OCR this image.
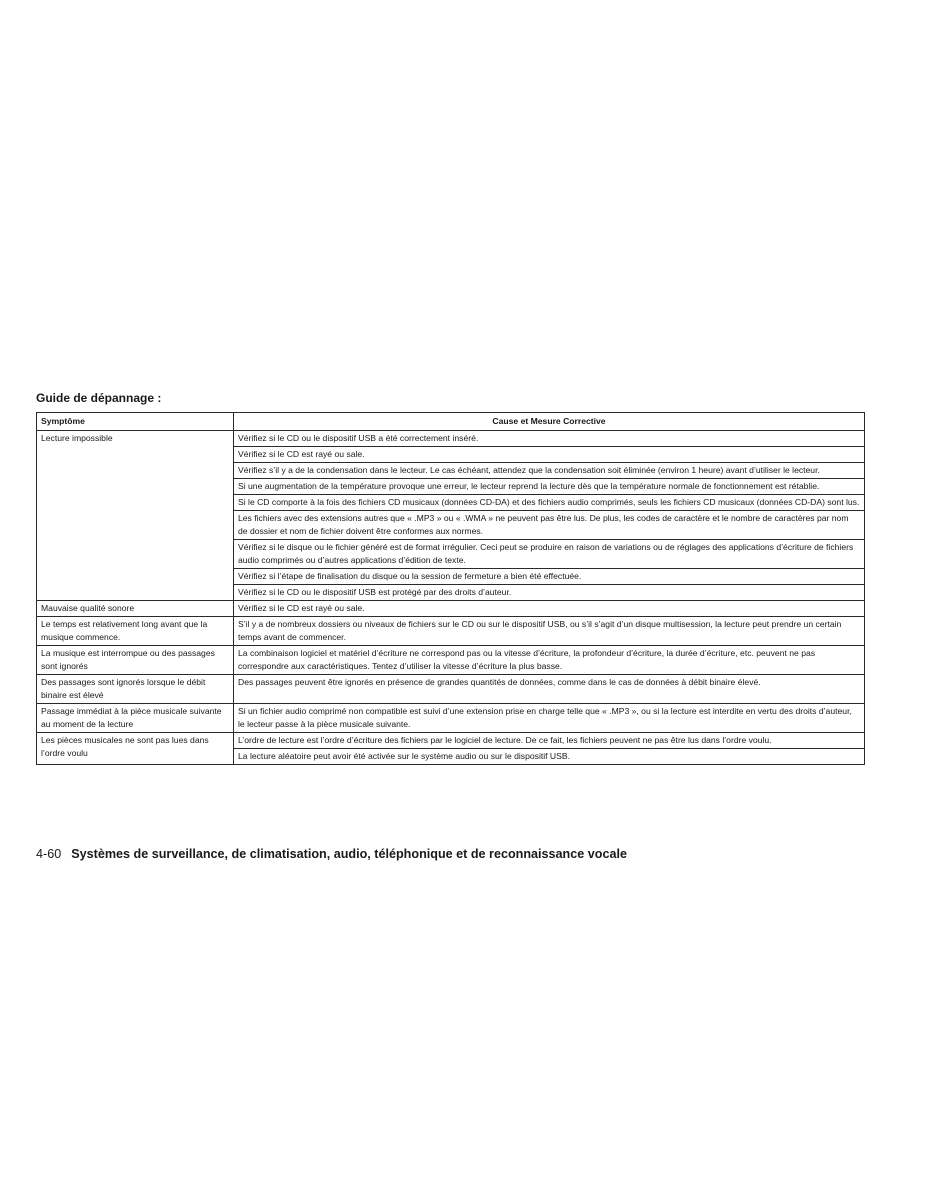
Guide de dépannage :
Symptôme	Cause et Mesure Corrective
Lecture impossible	Vérifiez si le CD ou le dispositif USB a été correctement inséré.
	Vérifiez si le CD est rayé ou sale.
	Vérifiez s’il y a de la condensation dans le lecteur. Le cas échéant, attendez que la condensation soit éliminée (environ 1 heure) avant d’utiliser le lecteur.
	Si une augmentation de la température provoque une erreur, le lecteur reprend la lecture dès que la température normale de fonctionnement est rétablie.
	Si le CD comporte à la fois des fichiers CD musicaux (données CD-DA) et des fichiers audio comprimés, seuls les fichiers CD musicaux (données CD-DA) sont lus.
	Les fichiers avec des extensions autres que « .MP3 » ou « .WMA » ne peuvent pas être lus. De plus, les codes de caractère et le nombre de caractères par nom de dossier et nom de fichier doivent être conformes aux normes.
	Vérifiez si le disque ou le fichier généré est de format irrégulier. Ceci peut se produire en raison de variations ou de réglages des applications d’écriture de fichiers audio comprimés ou d’autres applications d’édition de texte.
	Vérifiez si l’étape de finalisation du disque ou la session de fermeture a bien été effectuée.
	Vérifiez si le CD ou le dispositif USB est protégé par des droits d’auteur.
Mauvaise qualité sonore	Vérifiez si le CD est rayé ou sale.
Le temps est relativement long avant que la musique commence.	S’il y a de nombreux dossiers ou niveaux de fichiers sur le CD ou sur le dispositif USB, ou s’il s’agit d’un disque multisession, la lecture peut prendre un certain temps avant de commencer.
La musique est interrompue ou des passages sont ignorés	La combinaison logiciel et matériel d’écriture ne correspond pas ou la vitesse d’écriture, la profondeur d’écriture, la durée d’écriture, etc. peuvent ne pas correspondre aux caractéristiques. Tentez d’utiliser la vitesse d’écriture la plus basse.
Des passages sont ignorés lorsque le débit binaire est élevé	Des passages peuvent être ignorés en présence de grandes quantités de données, comme dans le cas de données à débit binaire élevé.
Passage immédiat à la pièce musicale suivante au moment de la lecture	Si un fichier audio comprimé non compatible est suivi d’une extension prise en charge telle que « .MP3 », ou si la lecture est interdite en vertu des droits d’auteur, le lecteur passe à la pièce musicale suivante.
Les pièces musicales ne sont pas lues dans l’ordre voulu	L’ordre de lecture est l’ordre d’écriture des fichiers par le logiciel de lecture. De ce fait, les fichiers peuvent ne pas être lus dans l’ordre voulu.
	La lecture aléatoire peut avoir été activée sur le système audio ou sur le dispositif USB.
4-60 Systèmes de surveillance, de climatisation, audio, téléphonique et de reconnaissance vocale
